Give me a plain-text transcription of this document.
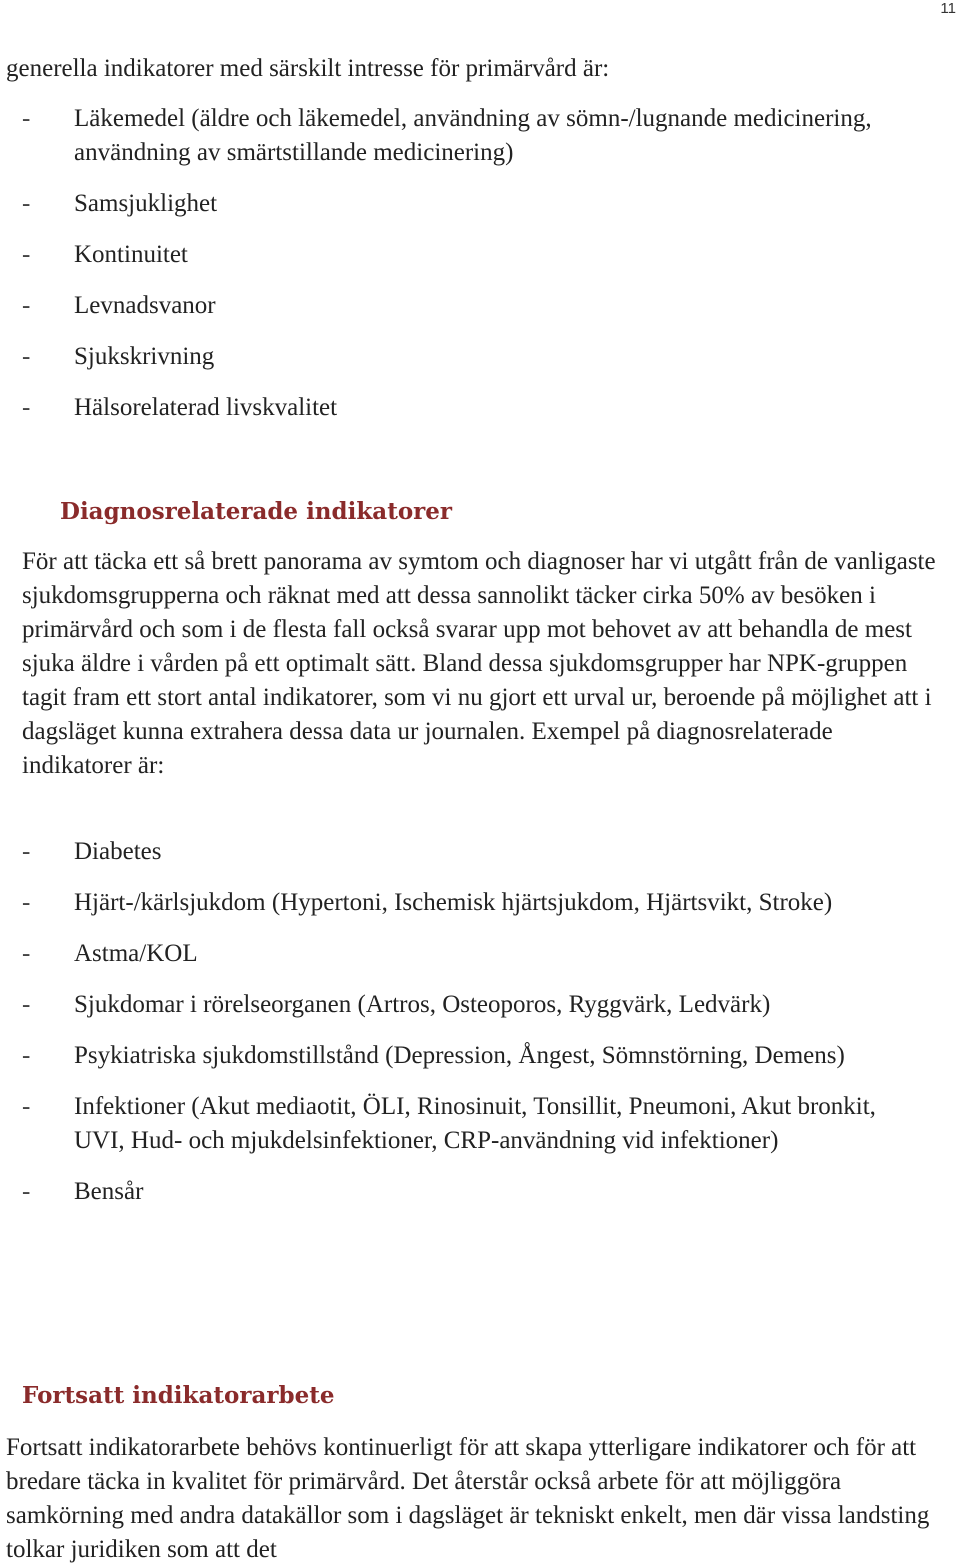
11

generella indikatorer med särskilt intresse för primärvård är:

-	Läkemedel (äldre och läkemedel, användning av sömn-/lugnande medicinering, användning av smärtstillande medicinering)
-	Samsjuklighet
-	Kontinuitet
-	Levnadsvanor
-	Sjukskrivning
-	Hälsorelaterad livskvalitet
Diagnosrelaterade indikatorer

För att täcka ett så brett panorama av symtom och diagnoser har vi utgått från de vanligaste sjukdomsgrupperna och räknat med att dessa sannolikt täcker cirka 50% av besöken i primärvård och som i de flesta fall också svarar upp mot behovet av att behandla de mest sjuka äldre i vården på ett optimalt sätt. Bland dessa sjukdomsgrupper har NPK-gruppen tagit fram ett stort antal indikatorer, som vi nu gjort ett urval ur, beroende på möjlighet att i dagsläget kunna extrahera dessa data ur journalen. Exempel på diagnosrelaterade indikatorer är:

-	Diabetes
-	Hjärt-/kärlsjukdom (Hypertoni, Ischemisk hjärtsjukdom, Hjärtsvikt, Stroke)
-	Astma/KOL
-	Sjukdomar i rörelseorganen (Artros, Osteoporos, Ryggvärk, Ledvärk)
-	Psykiatriska sjukdomstillstånd (Depression, Ångest, Sömnstörning, Demens)
-	Infektioner (Akut mediaotit, ÖLI, Rinosinuit, Tonsillit, Pneumoni, Akut bronkit, UVI, Hud- och mjukdelsinfektioner, CRP-användning vid infektioner)
-	Bensår
Fortsatt indikatorarbete

Fortsatt indikatorarbete behövs kontinuerligt för att skapa ytterligare indikatorer och för att bredare täcka in kvalitet för primärvård. Det återstår också arbete för att möjliggöra samkörning med andra datakällor som i dagsläget är tekniskt enkelt, men där vissa landsting tolkar juridiken som att det
